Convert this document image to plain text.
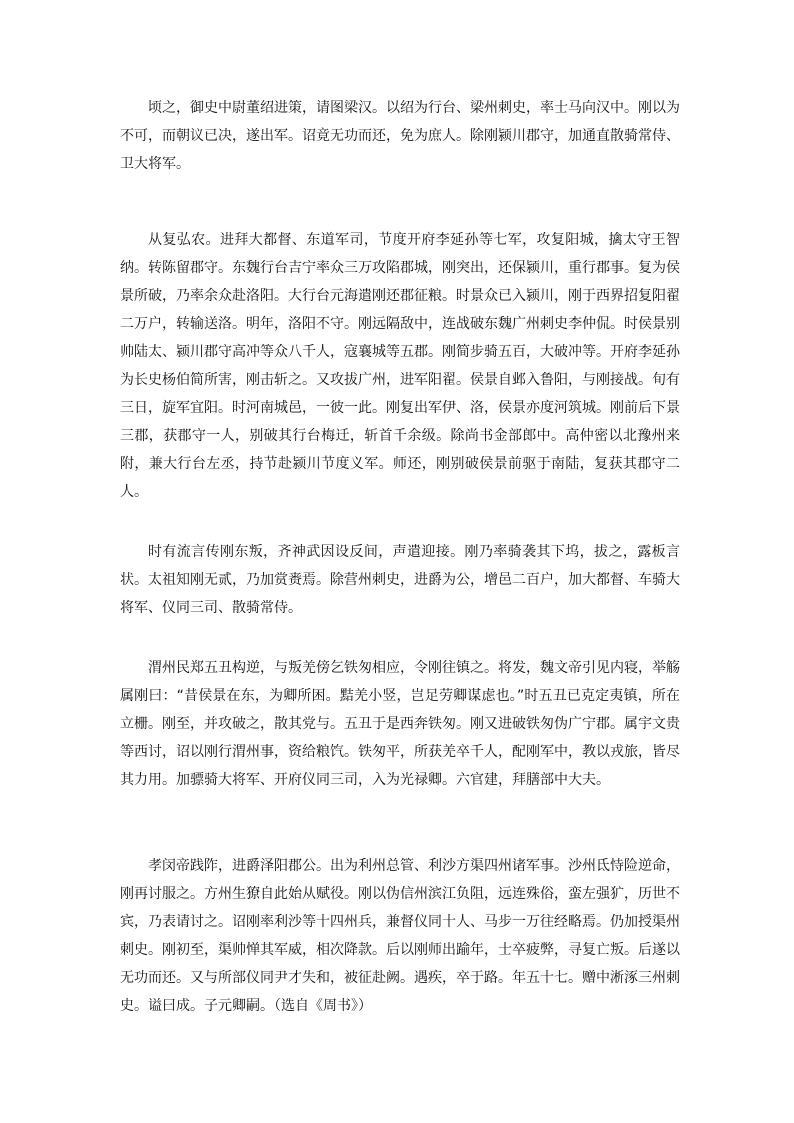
顷之，御史中尉董绍进策，请图梁汉。以绍为行台、梁州刺史，率士马向汉中。刚以为不可，而朝议已决，遂出军。诏竟无功而还，免为庶人。除刚颍川郡守，加通直散骑常侍、卫大将军。

从复弘农。进拜大都督、东道军司，节度开府李延孙等七军，攻复阳城，擒太守王智纳。转陈留郡守。东魏行台吉宁率众三万攻陷郡城，刚突出，还保颍川，重行郡事。复为侯景所破，乃率余众赴洛阳。大行台元海遣刚还郡征粮。时景众已入颍川，刚于西界招复阳翟二万户，转输送洛。明年，洛阳不守。刚远隔敌中，连战破东魏广州刺史李仲侃。时侯景别帅陆太、颍川郡守高冲等众八千人，寇襄城等五郡。刚简步骑五百，大破冲等。开府李延孙为长史杨伯简所害，刚击斩之。又攻拔广州，进军阳翟。侯景自邺入鲁阳，与刚接战。旬有三日，旋军宜阳。时河南城邑，一彼一此。刚复出军伊、洛，侯景亦度河筑城。刚前后下景三郡，获郡守一人，别破其行台梅迁，斩首千余级。除尚书金部郎中。高仲密以北豫州来附，兼大行台左丞，持节赴颍川节度义军。师还，刚别破侯景前驱于南陆，复获其郡守二人。

时有流言传刚东叛，齐神武因设反间，声遣迎接。刚乃率骑袭其下坞，拔之，露板言状。太祖知刚无贰，乃加赏赉焉。除营州刺史，进爵为公，增邑二百户，加大都督、车骑大将军、仪同三司、散骑常侍。

渭州民郑五丑构逆，与叛羌傍乞铁匆相应，令刚往镇之。将发，魏文帝引见内寝，举觞属刚曰：“昔侯景在东，为卿所困。黠羌小竖，岂足劳卿谋虑也。”时五丑已克定夷镇，所在立栅。刚至，并攻破之，散其党与。五丑于是西奔铁匆。刚又进破铁匆伪广宁郡。属宇文贵等西讨，诏以刚行渭州事，资给粮饩。铁匆平，所获羌卒千人，配刚军中，教以戎旅，皆尽其力用。加骠骑大将军、开府仪同三司，入为光禄卿。六官建，拜膳部中大夫。

孝闵帝践阼，进爵泽阳郡公。出为利州总管、利沙方渠四州诸军事。沙州氐恃险逆命，刚再讨服之。方州生獠自此始从赋役。刚以伪信州滨江负阻，远连殊俗，蛮左强犷，历世不宾，乃表请讨之。诏刚率利沙等十四州兵，兼督仪同十人、马步一万往经略焉。仍加授渠州刺史。刚初至，渠帅惮其军威，相次降款。后以刚师出踰年，士卒疲弊，寻复亡叛。后遂以无功而还。又与所部仪同尹才失和，被征赴阙。遇疾，卒于路。年五十七。赠中淅涿三州刺史。谥曰成。子元卿嗣。（选自《周书》）
